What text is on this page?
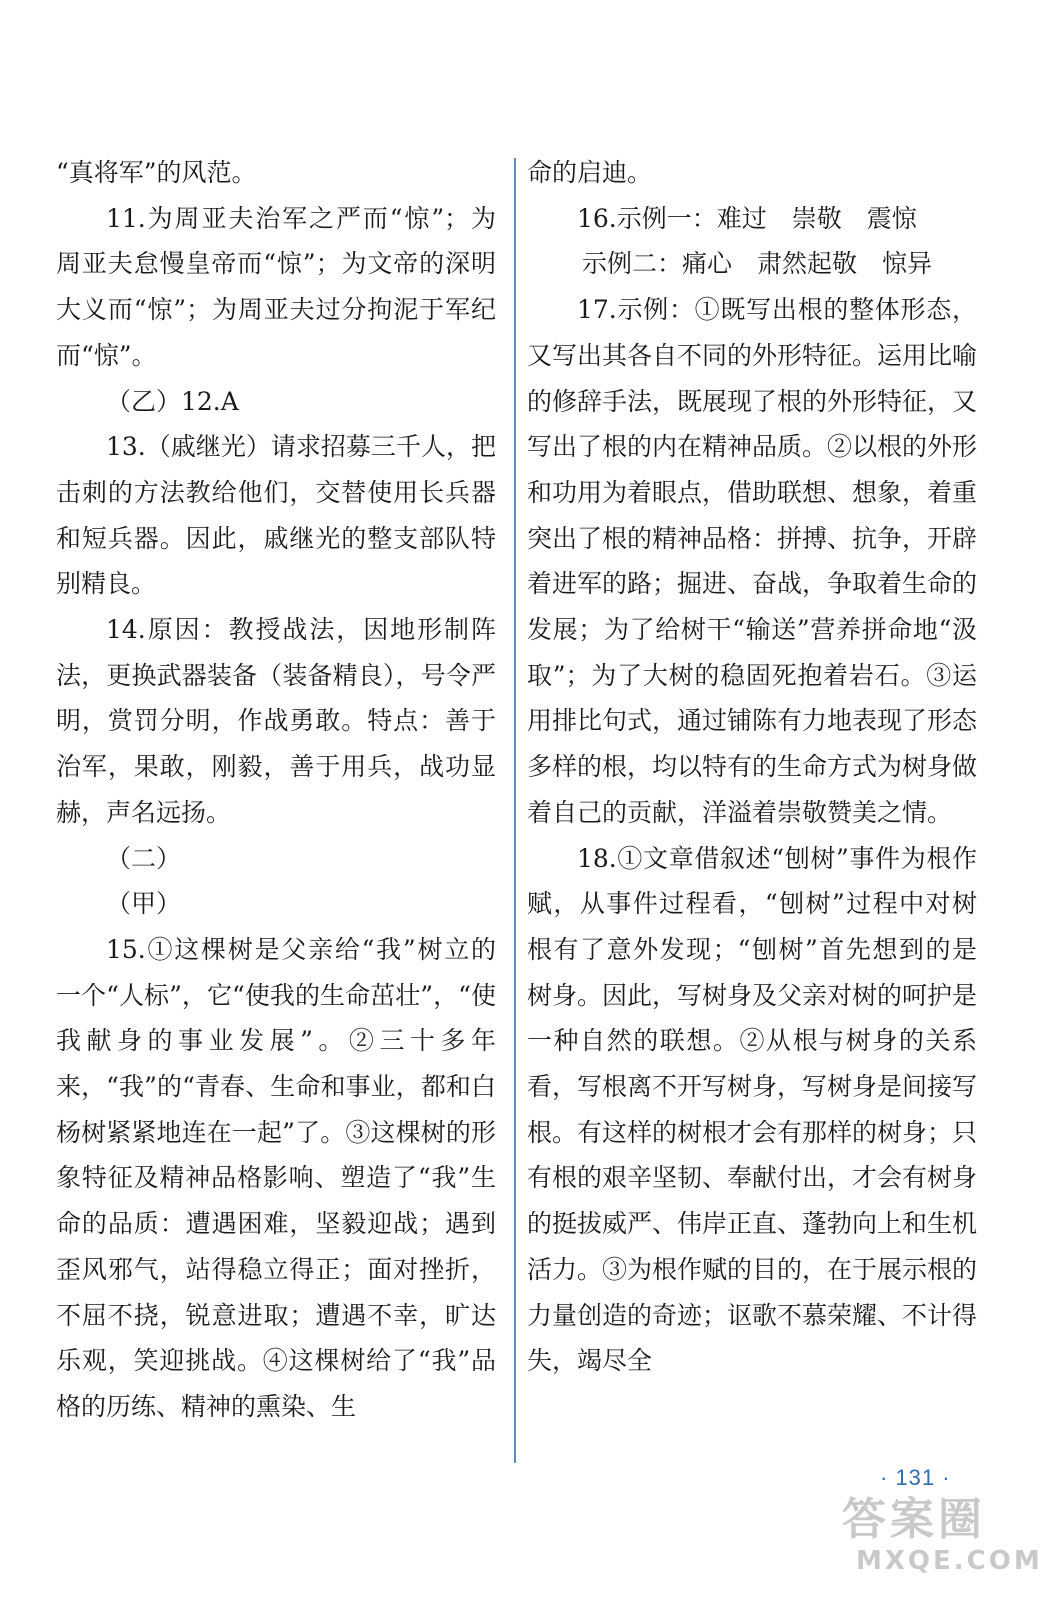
“真将军”的风范。

11.为周亚夫治军之严而“惊”；为周亚夫怠慢皇帝而“惊”；为文帝的深明大义而“惊”；为周亚夫过分拘泥于军纪而“惊”。

（乙）12.A

13.（戚继光）请求招募三千人，把击刺的方法教给他们，交替使用长兵器和短兵器。因此，戚继光的整支部队特别精良。

14.原因：教授战法，因地形制阵法，更换武器装备（装备精良），号令严明，赏罚分明，作战勇敢。特点：善于治军，果敢，刚毅，善于用兵，战功显赫，声名远扬。

（二）

（甲）

15.①这棵树是父亲给“我”树立的一个“人标”，它“使我的生命茁壮”，“使我献身的事业发展”。②三十多年来，“我”的“青春、生命和事业，都和白杨树紧紧地连在一起”了。③这棵树的形象特征及精神品格影响、塑造了“我”生命的品质：遭遇困难，坚毅迎战；遇到歪风邪气，站得稳立得正；面对挫折，不屈不挠，锐意进取；遭遇不幸，旷达乐观，笑迎挑战。④这棵树给了“我”品格的历练、精神的熏染、生

命的启迪。

16.示例一：难过　崇敬　震惊

示例二：痛心　肃然起敬　惊异

17.示例：①既写出根的整体形态，又写出其各自不同的外形特征。运用比喻的修辞手法，既展现了根的外形特征，又写出了根的内在精神品质。②以根的外形和功用为着眼点，借助联想、想象，着重突出了根的精神品格：拼搏、抗争，开辟着进军的路；掘进、奋战，争取着生命的发展；为了给树干“输送”营养拼命地“汲取”；为了大树的稳固死抱着岩石。③运用排比句式，通过铺陈有力地表现了形态多样的根，均以特有的生命方式为树身做着自己的贡献，洋溢着崇敬赞美之情。

18.①文章借叙述“刨树”事件为根作赋，从事件过程看，“刨树”过程中对树根有了意外发现；“刨树”首先想到的是树身。因此，写树身及父亲对树的呵护是一种自然的联想。②从根与树身的关系看，写根离不开写树身，写树身是间接写根。有这样的树根才会有那样的树身；只有根的艰辛坚韧、奉献付出，才会有树身的挺拔威严、伟岸正直、蓬勃向上和生机活力。③为根作赋的目的，在于展示根的力量创造的奇迹；讴歌不慕荣耀、不计得失，竭尽全

· 131 ·
答案圈
MXQE.COM
